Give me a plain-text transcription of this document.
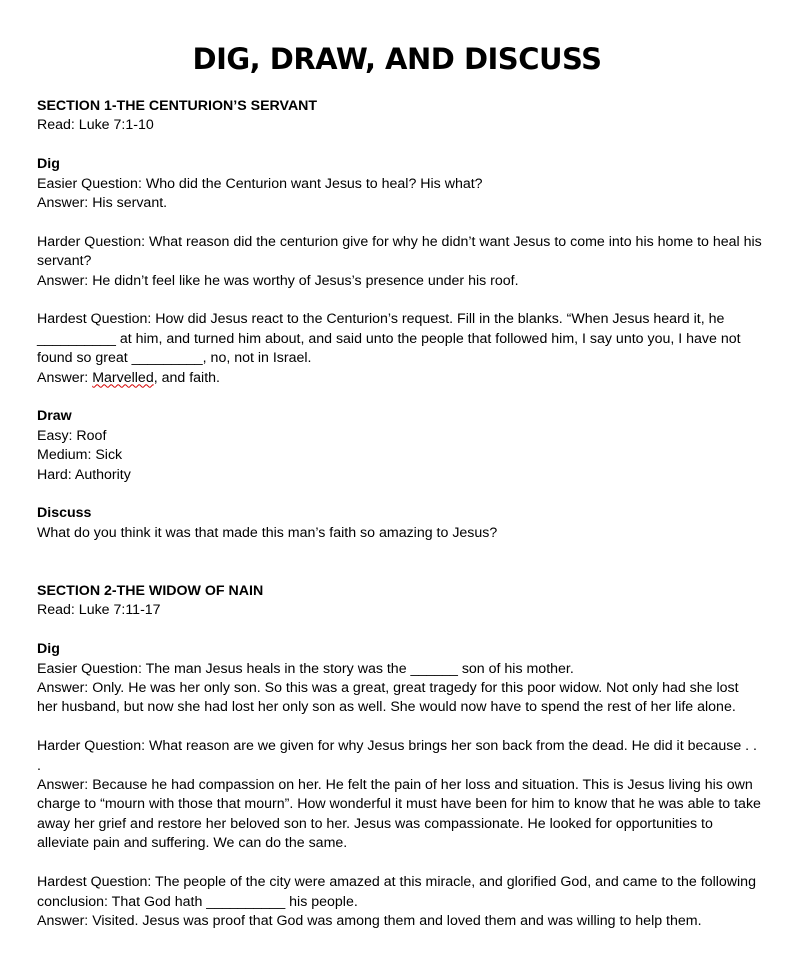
DIG, DRAW, AND DISCUSS

SECTION 1-THE CENTURION’S SERVANT

Read: Luke 7:1-10

Dig

Easier Question: Who did the Centurion want Jesus to heal? His what?

Answer: His servant.

Harder Question: What reason did the centurion give for why he didn’t want Jesus to come into his home to heal his servant?

Answer: He didn’t feel like he was worthy of Jesus’s presence under his roof.

Hardest Question: How did Jesus react to the Centurion’s request. Fill in the blanks. “When Jesus heard it, he __________ at him, and turned him about, and said unto the people that followed him, I say unto you, I have not found so great _________, no, not in Israel.

Answer: Marvelled, and faith.

Draw

Easy: Roof

Medium: Sick

Hard: Authority

Discuss

What do you think it was that made this man’s faith so amazing to Jesus?

SECTION 2-THE WIDOW OF NAIN

Read: Luke 7:11-17

Dig

Easier Question: The man Jesus heals in the story was the ______ son of his mother.

Answer: Only. He was her only son. So this was a great, great tragedy for this poor widow. Not only had she lost her husband, but now she had lost her only son as well. She would now have to spend the rest of her life alone.

Harder Question: What reason are we given for why Jesus brings her son back from the dead. He did it because . . .

Answer: Because he had compassion on her. He felt the pain of her loss and situation. This is Jesus living his own charge to “mourn with those that mourn”. How wonderful it must have been for him to know that he was able to take away her grief and restore her beloved son to her. Jesus was compassionate. He looked for opportunities to alleviate pain and suffering. We can do the same.

Hardest Question: The people of the city were amazed at this miracle, and glorified God, and came to the following conclusion: That God hath __________ his people.

Answer: Visited. Jesus was proof that God was among them and loved them and was willing to help them.
